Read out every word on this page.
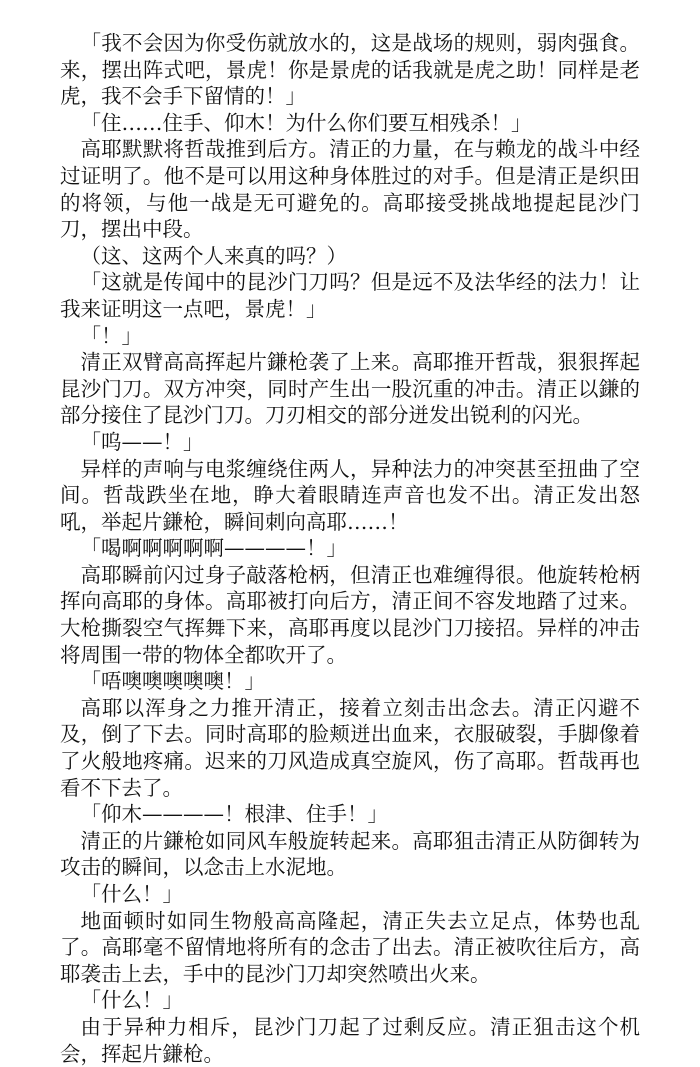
「我不会因为你受伤就放水的，这是战场的规则，弱肉强食。来，摆出阵式吧，景虎！你是景虎的话我就是虎之助！同样是老虎，我不会手下留情的！」

「住……住手、仰木！为什么你们要互相残杀！」

高耶默默将哲哉推到后方。清正的力量，在与赖龙的战斗中经过证明了。他不是可以用这种身体胜过的对手。但是清正是织田的将领，与他一战是无可避免的。高耶接受挑战地提起昆沙门刀，摆出中段。

（这、这两个人来真的吗？）

「这就是传闻中的昆沙门刀吗？但是远不及法华经的法力！让我来证明这一点吧，景虎！」

「！」

清正双臂高高挥起片鎌枪袭了上来。高耶推开哲哉，狠狠挥起昆沙门刀。双方冲突，同时产生出一股沉重的冲击。清正以鎌的部分接住了昆沙门刀。刀刃相交的部分迸发出锐利的闪光。

「呜——！」

异样的声响与电浆缠绕住两人，异种法力的冲突甚至扭曲了空间。哲哉跌坐在地，睁大着眼睛连声音也发不出。清正发出怒吼，举起片鎌枪，瞬间刺向高耶……！

「喝啊啊啊啊啊————！」

高耶瞬前闪过身子敲落枪柄，但清正也难缠得很。他旋转枪柄挥向高耶的身体。高耶被打向后方，清正间不容发地踏了过来。大枪撕裂空气挥舞下来，高耶再度以昆沙门刀接招。异样的冲击将周围一带的物体全都吹开了。

「唔噢噢噢噢噢！」

高耶以浑身之力推开清正，接着立刻击出念去。清正闪避不及，倒了下去。同时高耶的脸颊迸出血来，衣服破裂，手脚像着了火般地疼痛。迟来的刀风造成真空旋风，伤了高耶。哲哉再也看不下去了。

「仰木————！根津、住手！」

清正的片鎌枪如同风车般旋转起来。高耶狙击清正从防御转为攻击的瞬间，以念击上水泥地。

「什么！」

地面顿时如同生物般高高隆起，清正失去立足点，体势也乱了。高耶毫不留情地将所有的念击了出去。清正被吹往后方，高耶袭击上去，手中的昆沙门刀却突然喷出火来。

「什么！」

由于异种力相斥，昆沙门刀起了过剩反应。清正狙击这个机会，挥起片鎌枪。
